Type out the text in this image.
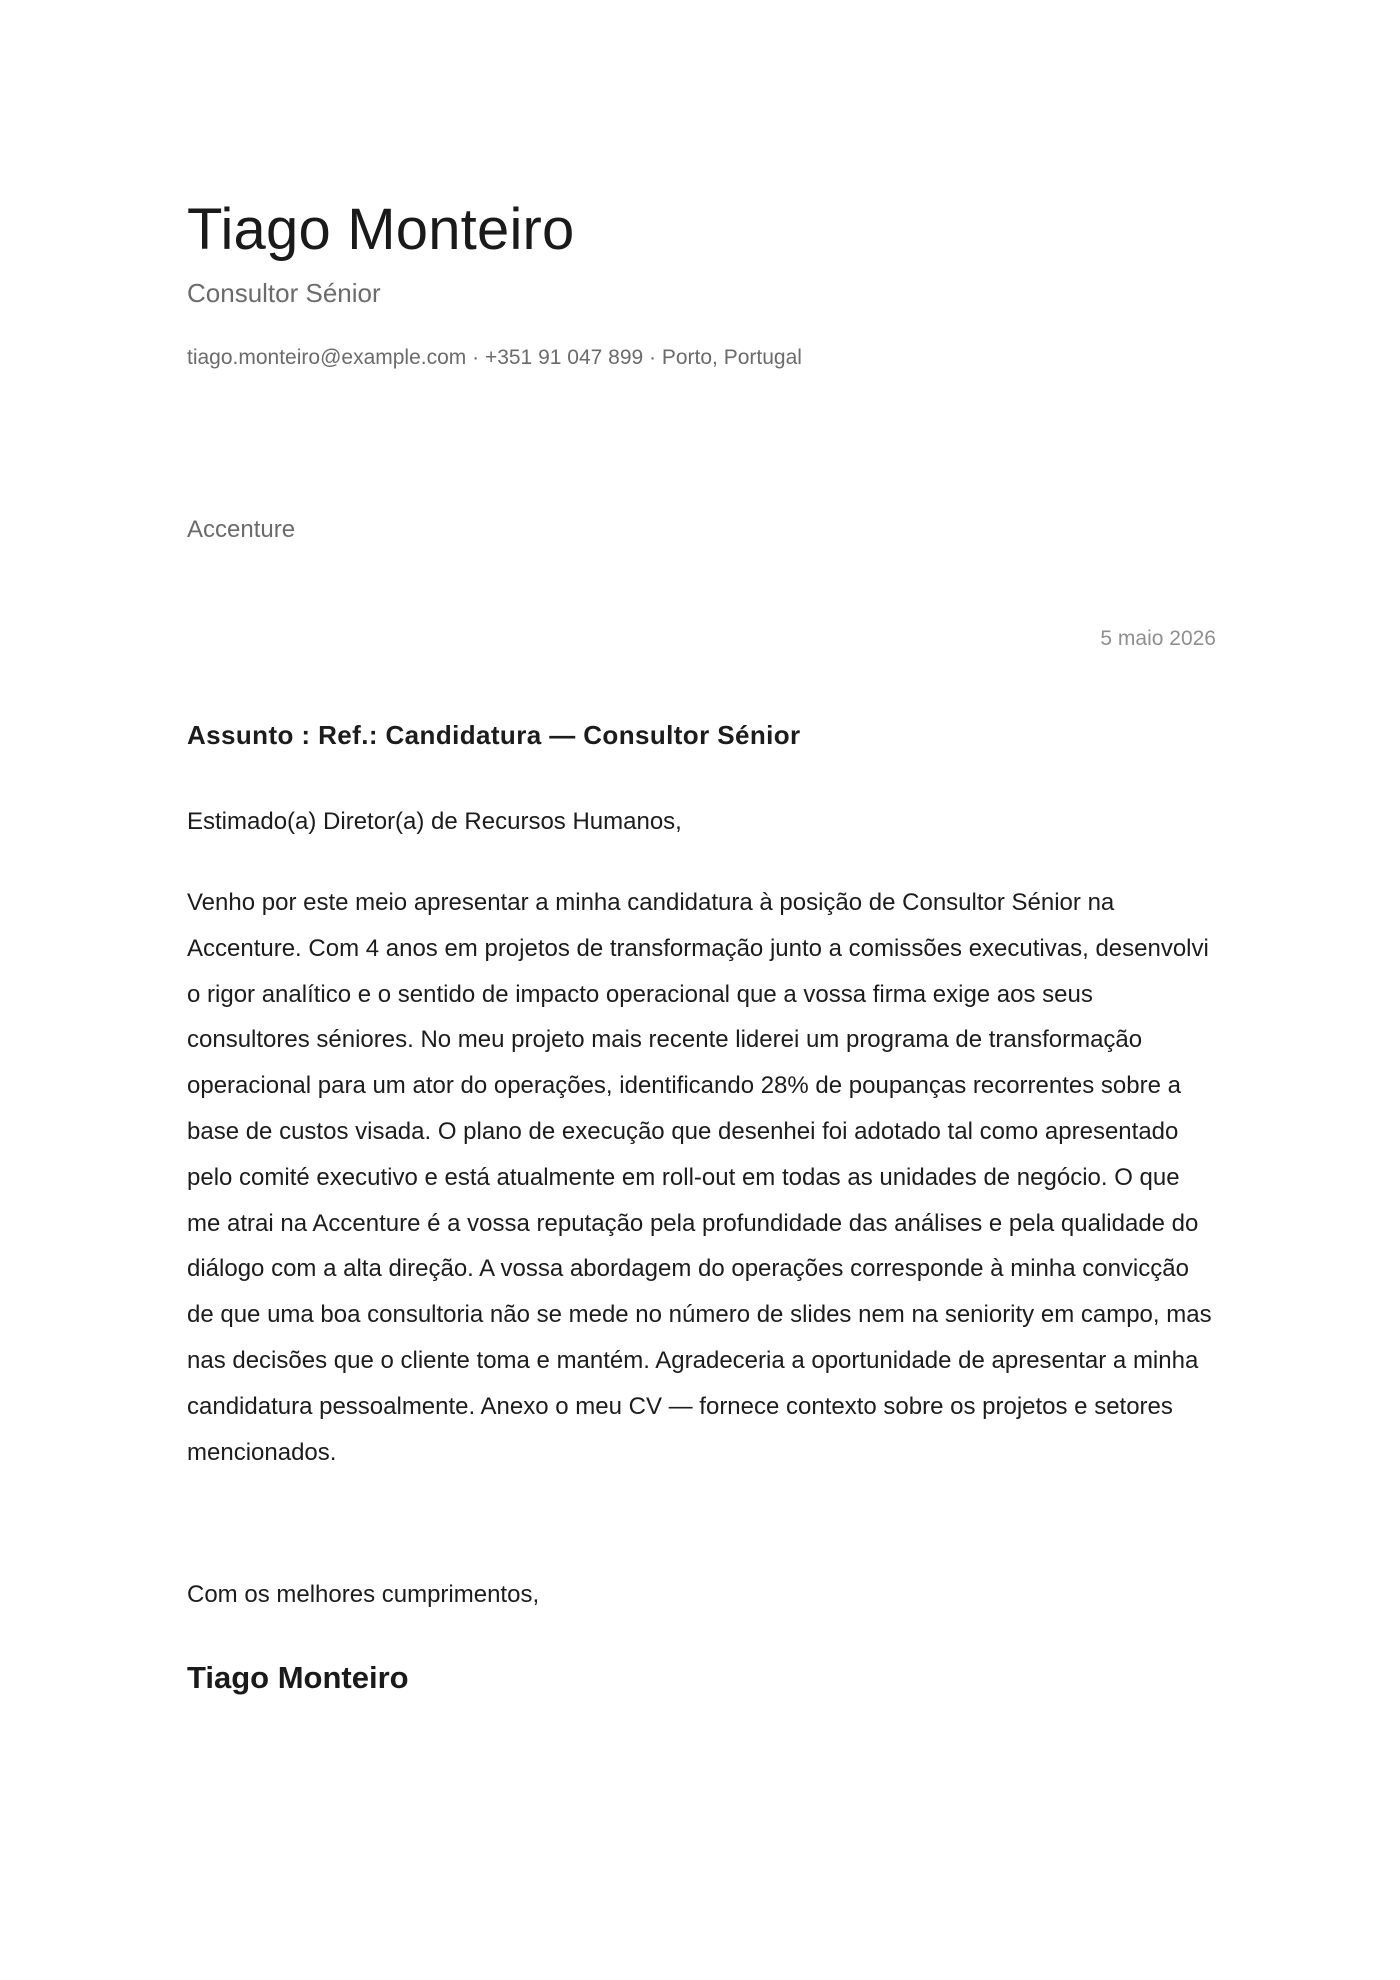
Tiago Monteiro
Consultor Sénior
tiago.monteiro@example.com · +351 91 047 899 · Porto, Portugal
Accenture
5 maio 2026
Assunto : Ref.: Candidatura — Consultor Sénior
Estimado(a) Diretor(a) de Recursos Humanos,

Venho por este meio apresentar a minha candidatura à posição de Consultor Sénior na Accenture. Com 4 anos em projetos de transformação junto a comissões executivas, desenvolvi o rigor analítico e o sentido de impacto operacional que a vossa firma exige aos seus consultores séniores. No meu projeto mais recente liderei um programa de transformação operacional para um ator do operações, identificando 28% de poupanças recorrentes sobre a base de custos visada. O plano de execução que desenhei foi adotado tal como apresentado pelo comité executivo e está atualmente em roll-out em todas as unidades de negócio. O que me atrai na Accenture é a vossa reputação pela profundidade das análises e pela qualidade do diálogo com a alta direção. A vossa abordagem do operações corresponde à minha convicção de que uma boa consultoria não se mede no número de slides nem na seniority em campo, mas nas decisões que o cliente toma e mantém. Agradeceria a oportunidade de apresentar a minha candidatura pessoalmente. Anexo o meu CV — fornece contexto sobre os projetos e setores mencionados.

Com os melhores cumprimentos,
Tiago Monteiro
